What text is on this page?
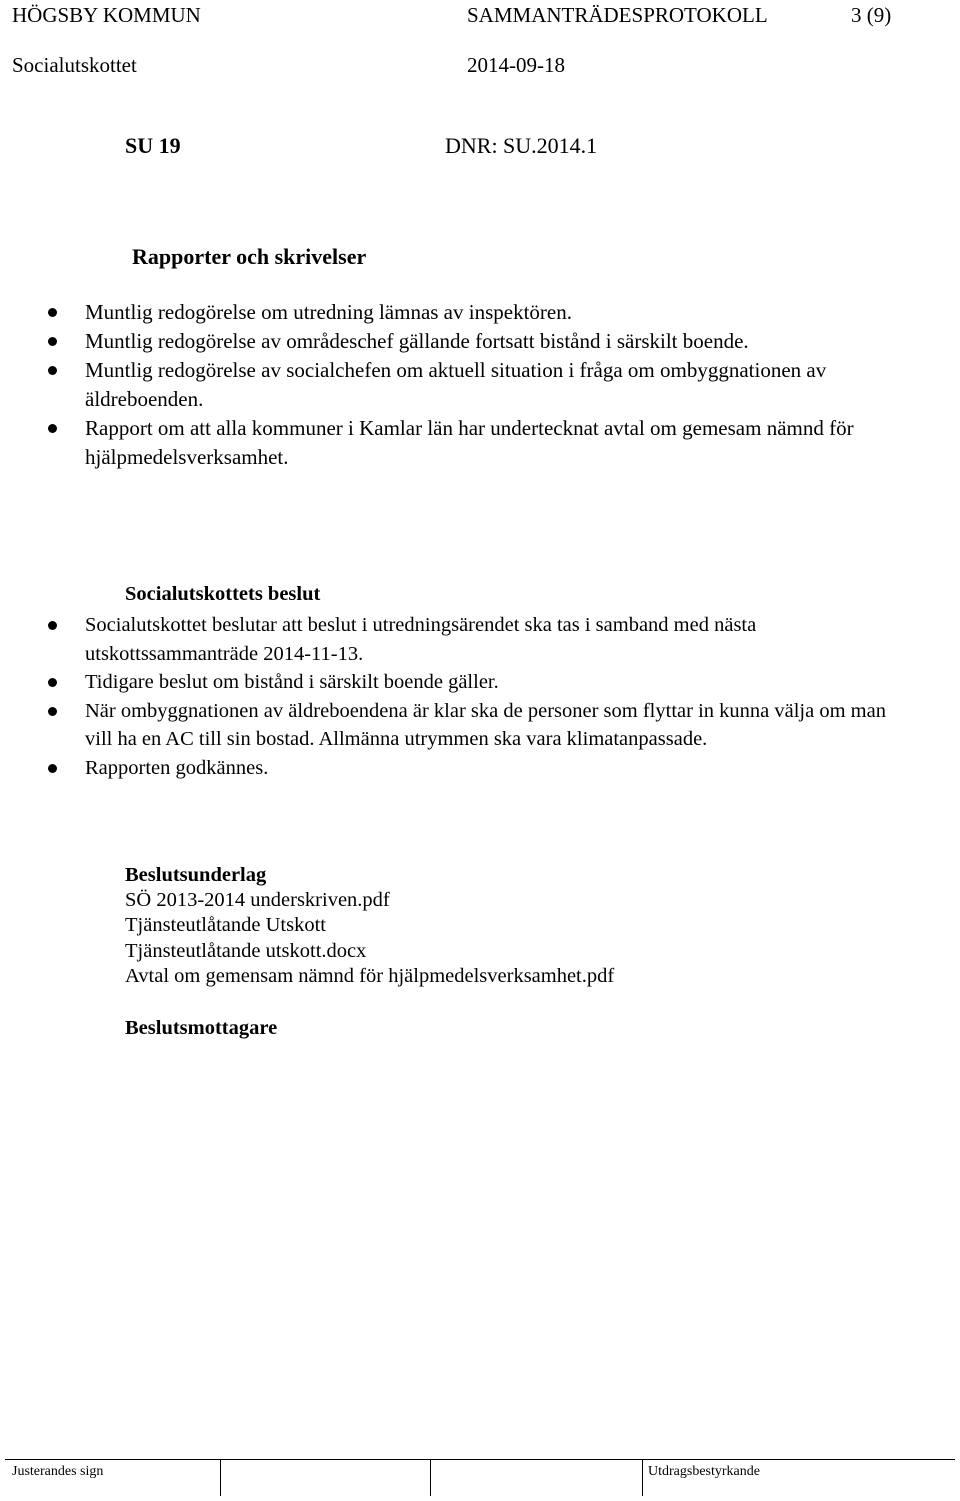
HÖGSBY KOMMUN	SAMMANTRÄDESPROTOKOLL	3 (9)
Socialutskottet	2014-09-18
SU 19	DNR: SU.2014.1
Rapporter och skrivelser
Muntlig redogörelse om utredning lämnas av inspektören.
Muntlig redogörelse av områdeschef gällande fortsatt bistånd i särskilt boende.
Muntlig redogörelse av socialchefen om aktuell situation i fråga om ombyggnationen av äldreboenden.
Rapport om att alla kommuner i Kamlar län har undertecknat avtal om gemesam nämnd för hjälpmedelsverksamhet.
Socialutskottets beslut
Socialutskottet beslutar att beslut i utredningsärendet ska tas i samband med nästa utskottssammanträde 2014-11-13.
Tidigare beslut om bistånd i särskilt boende gäller.
När ombyggnationen av äldreboendena är klar ska de personer som flyttar in kunna välja om man vill ha en AC till sin bostad. Allmänna utrymmen ska vara klimatanpassade.
Rapporten godkännes.
Beslutsunderlag
SÖ 2013-2014 underskriven.pdf
Tjänsteutlåtande Utskott
Tjänsteutlåtande utskott.docx
Avtal om gemensam nämnd för hjälpmedelsverksamhet.pdf
Beslutsmottagare
Justerandes sign	Utdragsbestyrkande
